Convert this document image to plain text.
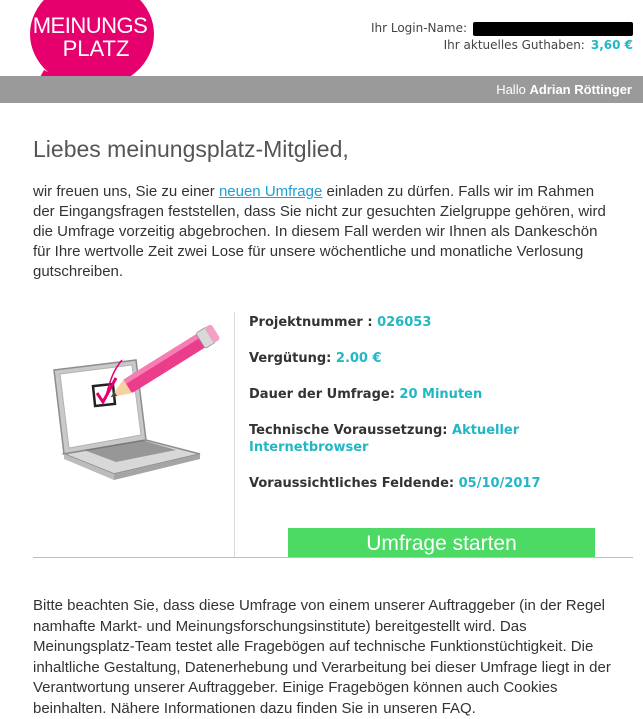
MEINUNGS
PLATZ
Ihr Login-Name:
Ihr aktuelles Guthaben: 3,60 €
Hallo Adrian Röttinger
Liebes meinungsplatz-Mitglied,
wir freuen uns, Sie zu einer neuen Umfrage einladen zu dürfen. Falls wir im Rahmen der Eingangsfragen feststellen, dass Sie nicht zur gesuchten Zielgruppe gehören, wird die Umfrage vorzeitig abgebrochen. In diesem Fall werden wir Ihnen als Dankeschön für Ihre wertvolle Zeit zwei Lose für unsere wöchentliche und monatliche Verlosung gutschreiben.
Projektnummer : 026053
Vergütung: 2.00 €
Dauer der Umfrage: 20 Minuten
Technische Voraussetzung: Aktueller Internetbrowser
Voraussichtliches Feldende: 05/10/2017
Umfrage starten
Bitte beachten Sie, dass diese Umfrage von einem unserer Auftraggeber (in der Regel namhafte Markt- und Meinungsforschungsinstitute) bereitgestellt wird. Das Meinungsplatz-Team testet alle Fragebögen auf technische Funktionstüchtigkeit. Die inhaltliche Gestaltung, Datenerhebung und Verarbeitung bei dieser Umfrage liegt in der Verantwortung unserer Auftraggeber. Einige Fragebögen können auch Cookies beinhalten. Nähere Informationen dazu finden Sie in unseren FAQ.
